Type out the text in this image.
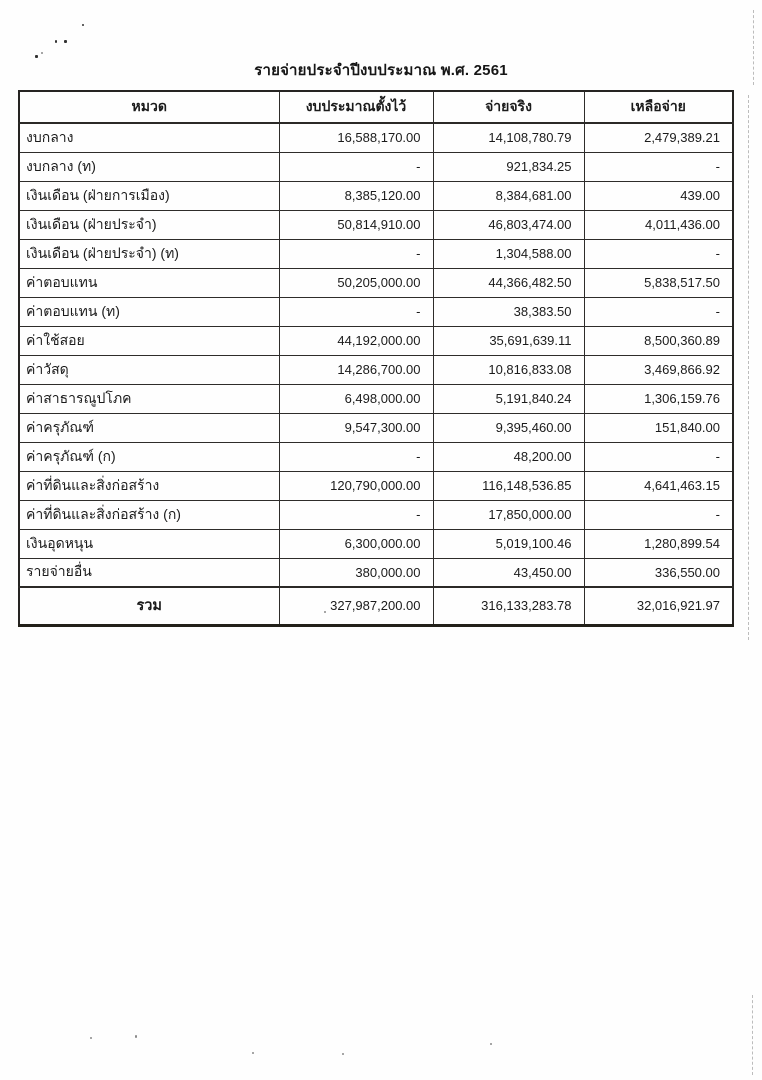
รายจ่ายประจำปีงบประมาณ พ.ศ. 2561
หมวด	งบประมาณตั้งไว้	จ่ายจริง	เหลือจ่าย
งบกลาง	16,588,170.00	14,108,780.79	2,479,389.21
งบกลาง (ท)	-	921,834.25	-
เงินเดือน (ฝ่ายการเมือง)	8,385,120.00	8,384,681.00	439.00
เงินเดือน (ฝ่ายประจำ)	50,814,910.00	46,803,474.00	4,011,436.00
เงินเดือน (ฝ่ายประจำ) (ท)	-	1,304,588.00	-
ค่าตอบแทน	50,205,000.00	44,366,482.50	5,838,517.50
ค่าตอบแทน (ท)	-	38,383.50	-
ค่าใช้สอย	44,192,000.00	35,691,639.11	8,500,360.89
ค่าวัสดุ	14,286,700.00	10,816,833.08	3,469,866.92
ค่าสาธารณูปโภค	6,498,000.00	5,191,840.24	1,306,159.76
ค่าครุภัณฑ์	9,547,300.00	9,395,460.00	151,840.00
ค่าครุภัณฑ์ (ก)	-	48,200.00	-
ค่าที่ดินและสิ่งก่อสร้าง	120,790,000.00	116,148,536.85	4,641,463.15
ค่าที่ดินและสิ่งก่อสร้าง (ก)	-	17,850,000.00	-
เงินอุดหนุน	6,300,000.00	5,019,100.46	1,280,899.54
รายจ่ายอื่น	380,000.00	43,450.00	336,550.00
รวม	327,987,200.00	316,133,283.78	32,016,921.97
